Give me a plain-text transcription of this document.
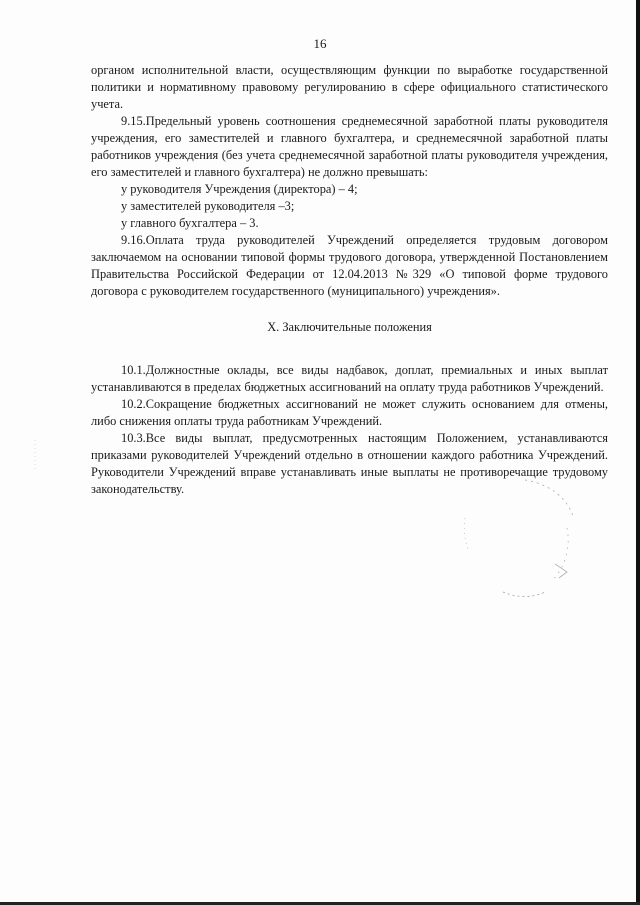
16

органом исполнительной власти, осуществляющим функции по выработке государственной политики и нормативному правовому регулированию в сфере официального статистического учета.

9.15.Предельный уровень соотношения среднемесячной заработной платы руководителя учреждения, его заместителей и главного бухгалтера, и среднемесячной заработной платы работников учреждения (без учета среднемесячной заработной платы руководителя учреждения, его заместителей и главного бухгалтера) не должно превышать:

у руководителя Учреждения (директора) – 4;

у заместителей руководителя –3;

у главного бухгалтера – 3.

9.16.Оплата труда руководителей Учреждений определяется трудовым договором заключаемом на основании типовой формы трудового договора, утвержденной Постановлением Правительства Российской Федерации от 12.04.2013 №329 «О типовой форме трудового договора с руководителем государственного (муниципального) учреждения».

X. Заключительные положения

10.1.Должностные оклады, все виды надбавок, доплат, премиальных и иных выплат устанавливаются в пределах бюджетных ассигнований на оплату труда работников Учреждений.

10.2.Сокращение бюджетных ассигнований не может служить основанием для отмены, либо снижения оплаты труда работникам Учреждений.

10.3.Все виды выплат, предусмотренных настоящим Положением, устанавливаются приказами руководителей Учреждений отдельно в отношении каждого работника Учреждений. Руководители Учреждений вправе устанавливать иные выплаты не противоречащие трудовому законодательству.
